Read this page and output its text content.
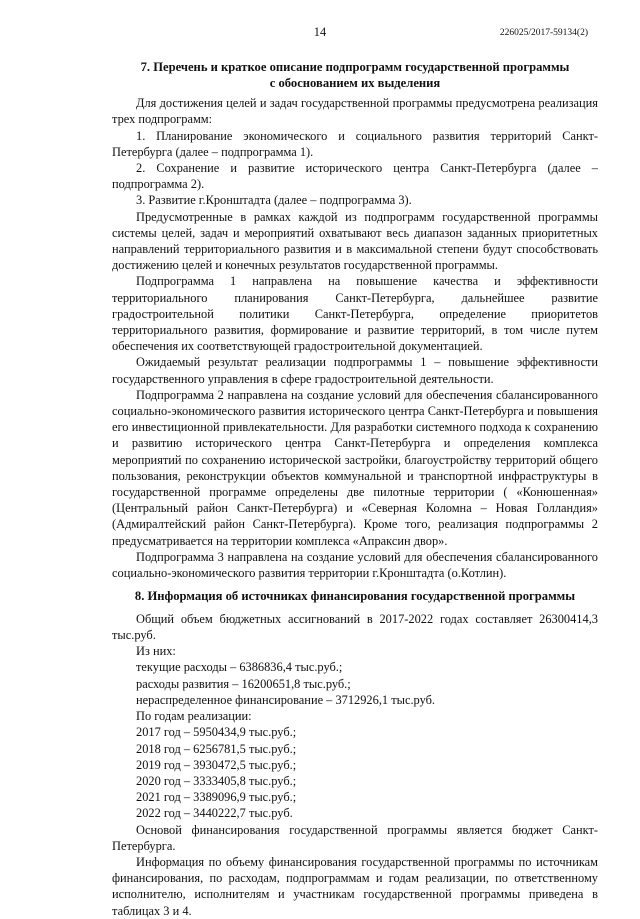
14	226025/2017-59134(2)
7. Перечень и краткое описание подпрограмм государственной программы
с обоснованием их выделения

Для достижения целей и задач государственной программы предусмотрена реализация трех подпрограмм:

1. Планирование экономического и социального развития территорий Санкт-Петербурга (далее – подпрограмма 1).

2. Сохранение и развитие исторического центра Санкт-Петербурга (далее – подпрограмма 2).

3. Развитие г.Кронштадта (далее – подпрограмма 3).

Предусмотренные в рамках каждой из подпрограмм государственной программы системы целей, задач и мероприятий охватывают весь диапазон заданных приоритетных направлений территориального развития и в максимальной степени будут способствовать достижению целей и конечных результатов государственной программы.

Подпрограмма 1 направлена на повышение качества и эффективности территориального планирования Санкт-Петербурга, дальнейшее развитие градостроительной политики Санкт-Петербурга, определение приоритетов территориального развития, формирование и развитие территорий, в том числе путем обеспечения их соответствующей градостроительной документацией.

Ожидаемый результат реализации подпрограммы 1 – повышение эффективности государственного управления в сфере градостроительной деятельности.

Подпрограмма 2 направлена на создание условий для обеспечения сбалансированного социально-экономического развития исторического центра Санкт-Петербурга и повышения его инвестиционной привлекательности. Для разработки системного подхода к сохранению и развитию исторического центра Санкт-Петербурга и определения комплекса мероприятий по сохранению исторической застройки, благоустройству территорий общего пользования, реконструкции объектов коммунальной и транспортной инфраструктуры в государственной программе определены две пилотные территории ( «Конюшенная» (Центральный район Санкт-Петербурга) и «Северная Коломна – Новая Голландия» (Адмиралтейский район Санкт-Петербурга). Кроме того, реализация подпрограммы 2 предусматривается на территории комплекса «Апраксин двор».

Подпрограмма 3 направлена на создание условий для обеспечения сбалансированного социально-экономического развития территории г.Кронштадта (о.Котлин).

8. Информация об источниках финансирования государственной программы

Общий объем бюджетных ассигнований в 2017-2022 годах составляет 26300414,3 тыс.руб.

Из них:

текущие расходы – 6386836,4 тыс.руб.;

расходы развития – 16200651,8 тыс.руб.;

нераспределенное финансирование – 3712926,1 тыс.руб.

По годам реализации:

2017 год – 5950434,9 тыс.руб.;

2018 год – 6256781,5 тыс.руб.;

2019 год – 3930472,5 тыс.руб.;

2020 год – 3333405,8 тыс.руб.;

2021 год – 3389096,9 тыс.руб.;

2022 год – 3440222,7 тыс.руб.

Основой финансирования государственной программы является бюджет Санкт-Петербурга.

Информация по объему финансирования государственной программы по источникам финансирования, по расходам, подпрограммам и годам реализации, по ответственному исполнителю, исполнителям и участникам государственной программы приведена в таблицах 3 и 4.
